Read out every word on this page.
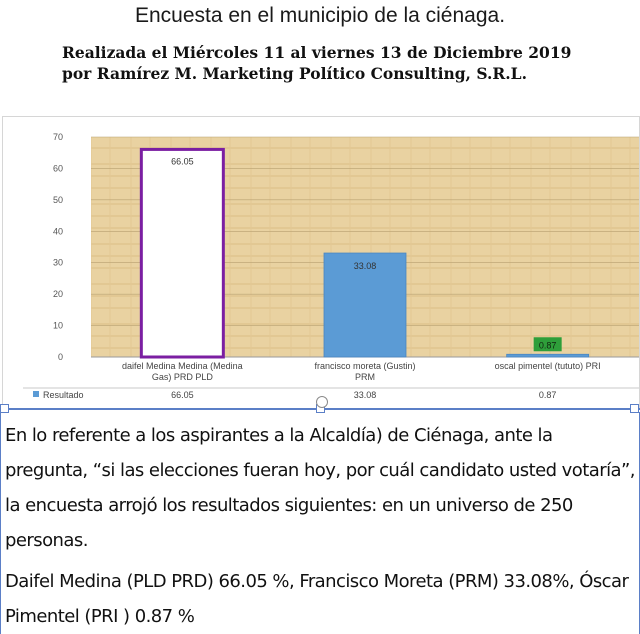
Encuesta en el municipio de la ciénaga.
Realizada el Miércoles 11 al viernes 13 de Diciembre 2019 por Ramírez M. Marketing Político Consulting, S.R.L.
0
10
20
30
40
50
60
70
66.05
33.08
0.87
daifel Medina Medina (Medina Gas) PRD PLD
francisco moreta (Gustin) PRM
oscal pimentel (tututo) PRI
Resultado	66.05	33.08	0.87

En lo referente a los aspirantes a la Alcaldía) de Ciénaga, ante la pregunta, “si las elecciones fueran hoy, por cuál candidato usted votaría”, la encuesta arrojó los resultados siguientes: en un universo de 250 personas.

Daifel Medina (PLD PRD) 66.05 %, Francisco Moreta (PRM) 33.08%, Óscar Pimentel (PRI ) 0.87 %
